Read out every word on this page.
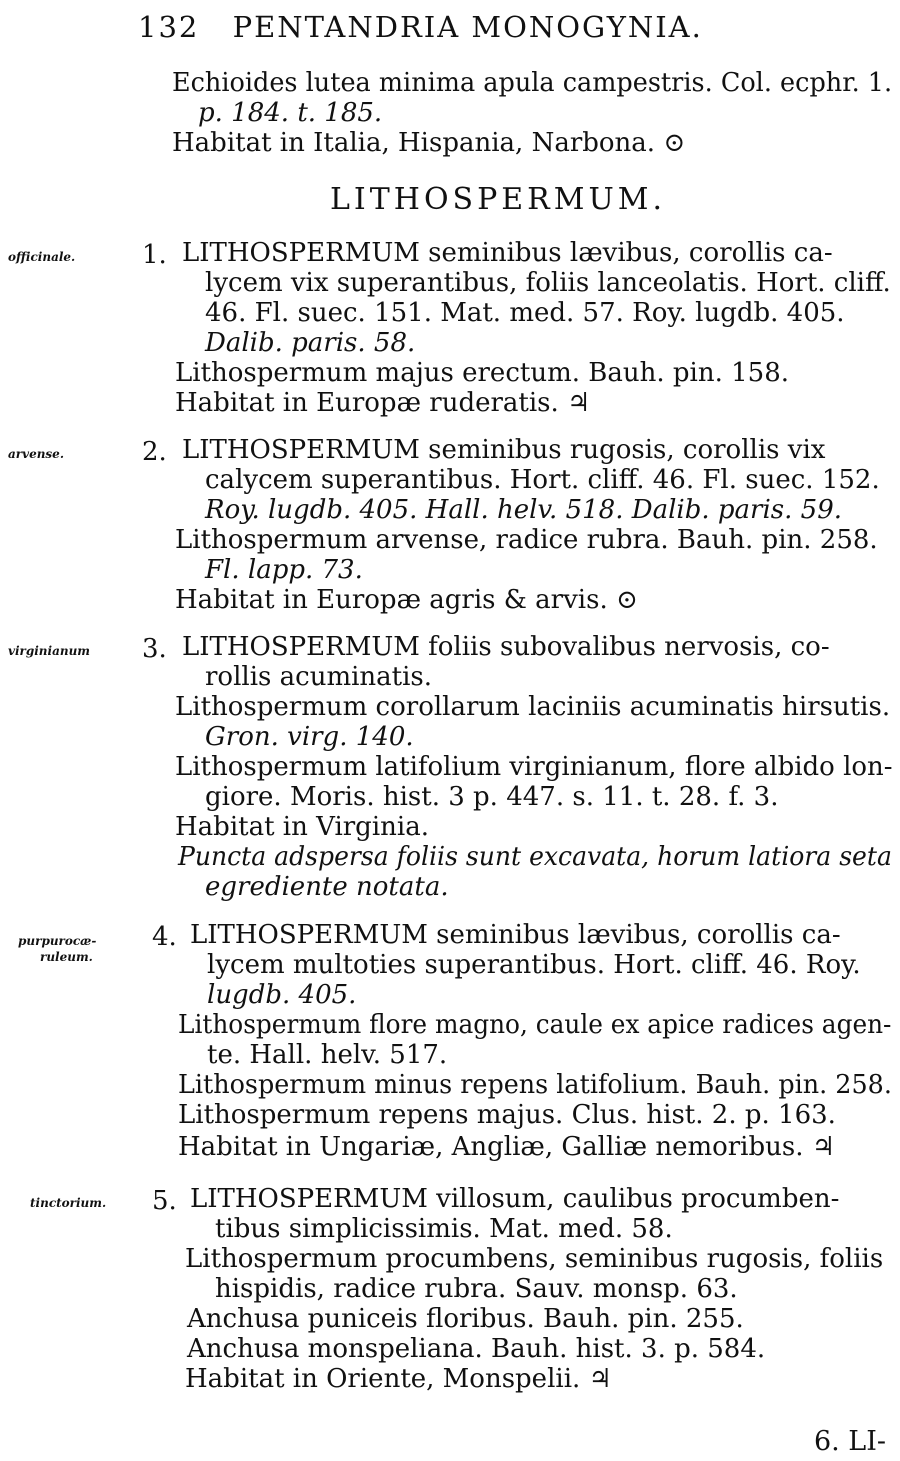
132 PENTANDRIA MONOGYNIA.
Echioides lutea minima apula campestris. Col. ecphr. 1.
p. 184. t. 185.
Habitat in Italia, Hispania, Narbona. ⊙
LITHOSPERMUM.
officinale.	1. LITHOSPERMUM seminibus lævibus, corollis ca-
lycem vix superantibus, foliis lanceolatis. Hort. cliff.
46. Fl. suec. 151. Mat. med. 57. Roy. lugdb. 405.
Dalib. paris. 58.
Lithospermum majus erectum. Bauh. pin. 158.
Habitat in Europæ ruderatis. ♃
arvense.	2. LITHOSPERMUM seminibus rugosis, corollis vix
calycem superantibus. Hort. cliff. 46. Fl. suec. 152.
Roy. lugdb. 405. Hall. helv. 518. Dalib. paris. 59.
Lithospermum arvense, radice rubra. Bauh. pin. 258.
Fl. lapp. 73.
Habitat in Europæ agris & arvis. ⊙
virginianum 3. LITHOSPERMUM foliis subovalibus nervosis, co-
rollis acuminatis.
Lithospermum corollarum laciniis acuminatis hirsutis.
Gron. virg. 140.
Lithospermum latifolium virginianum, flore albido lon-
giore. Moris. hist. 3 p. 447. s. 11. t. 28. f. 3.
Habitat in Virginia.
Puncta adspersa foliis sunt excavata, horum latiora seta
egrediente notata.
purpurocæ-
ruleum.
4. LITHOSPERMUM seminibus lævibus, corollis ca-
lycem multoties superantibus. Hort. cliff. 46. Roy.
lugdb. 405.
Lithospermum flore magno, caule ex apice radices agen-
te. Hall. helv. 517.
Lithospermum minus repens latifolium. Bauh. pin. 258.
Lithospermum repens majus. Clus. hist. 2. p. 163.
Habitat in Ungariæ, Angliæ, Galliæ nemoribus. ♃
tinctorium. 5. LITHOSPERMUM villosum, caulibus procumben-
tibus simplicissimis. Mat. med. 58.
Lithospermum procumbens, seminibus rugosis, foliis
hispidis, radice rubra. Sauv. monsp. 63.
Anchusa puniceis floribus. Bauh. pin. 255.
Anchusa monspeliana. Bauh. hist. 3. p. 584.
Habitat in Oriente, Monspelii. ♃
6. LI-
